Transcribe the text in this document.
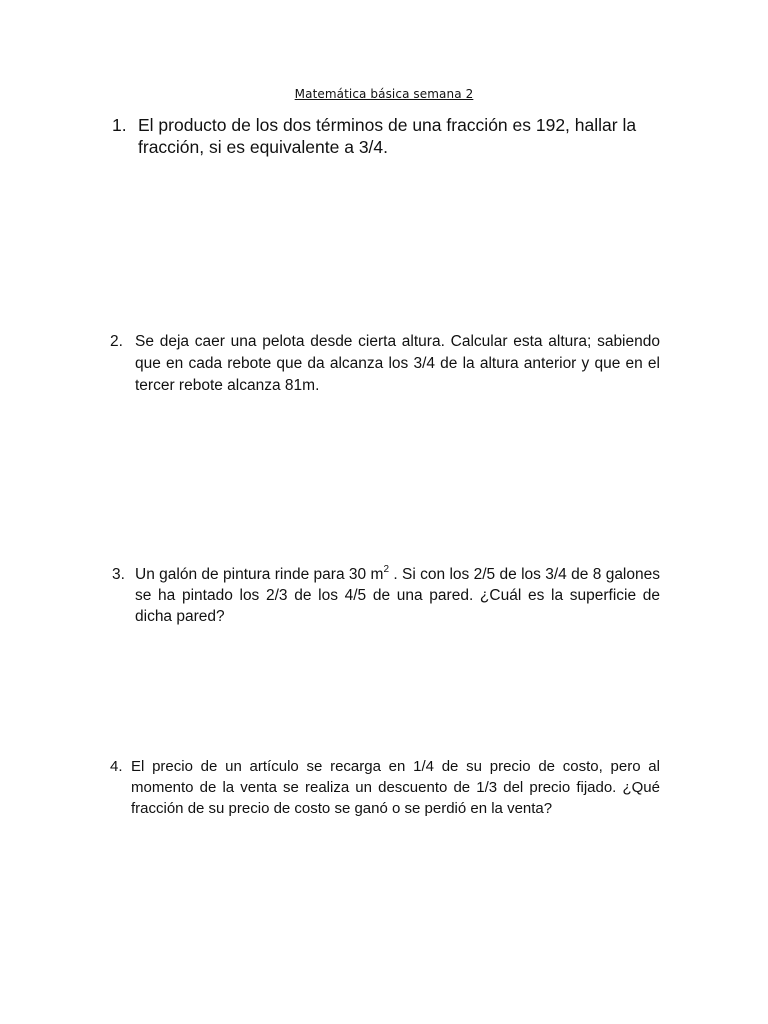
Matemática básica semana 2
1. El producto de los dos términos de una fracción es 192, hallar la fracción, si es equivalente a 3/4.
2. Se deja caer una pelota desde cierta altura. Calcular esta altura; sabiendo que en cada rebote que da alcanza los 3/4 de la altura anterior y que en el tercer rebote alcanza 81m.
3. Un galón de pintura rinde para 30 $m^2$ . Si con los 2/5 de los 3/4 de 8 galones se ha pintado los 2/3 de los 4/5 de una pared. ¿Cuál es la superficie de dicha pared?
4. El precio de un artículo se recarga en 1/4 de su precio de costo, pero al momento de la venta se realiza un descuento de 1/3 del precio fijado. ¿Qué fracción de su precio de costo se ganó o se perdió en la venta?
